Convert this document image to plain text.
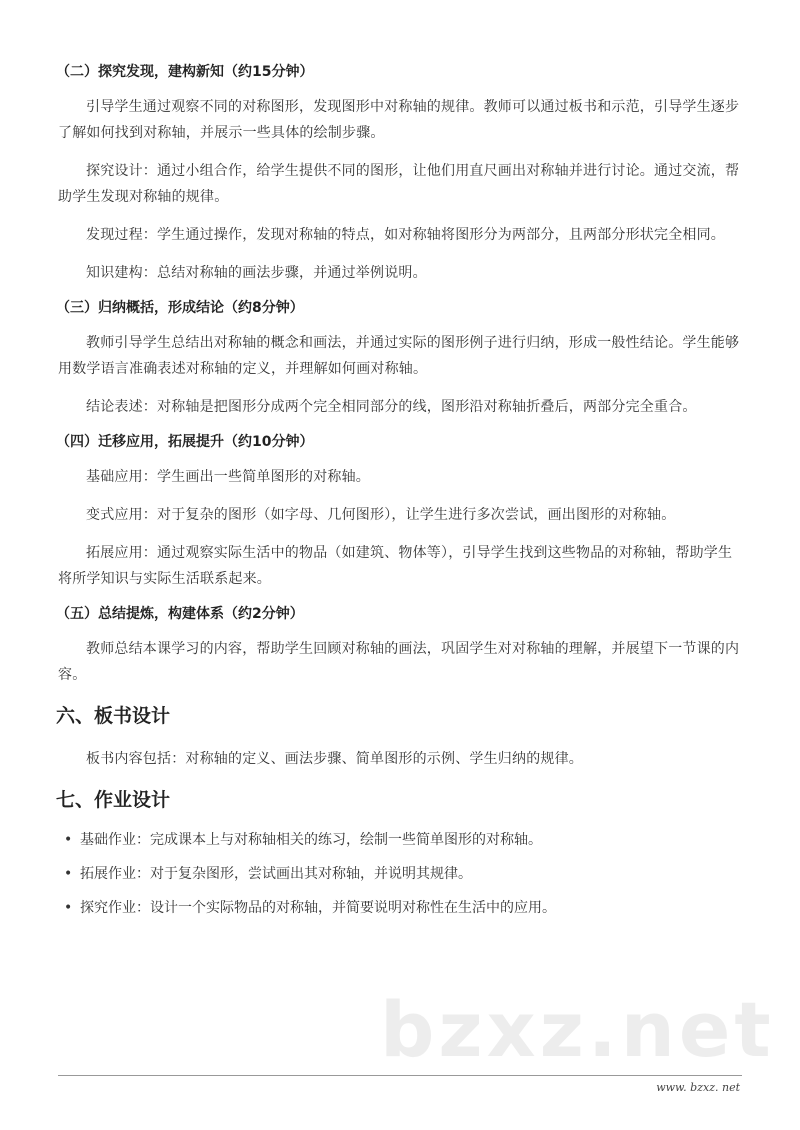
bzxz.net
（二）探究发现，建构新知（约15分钟）

引导学生通过观察不同的对称图形，发现图形中对称轴的规律。教师可以通过板书和示范，引导学生逐步了解如何找到对称轴，并展示一些具体的绘制步骤。

探究设计：通过小组合作，给学生提供不同的图形，让他们用直尺画出对称轴并进行讨论。通过交流，帮助学生发现对称轴的规律。

发现过程：学生通过操作，发现对称轴的特点，如对称轴将图形分为两部分，且两部分形状完全相同。

知识建构：总结对称轴的画法步骤，并通过举例说明。

（三）归纳概括，形成结论（约8分钟）

教师引导学生总结出对称轴的概念和画法，并通过实际的图形例子进行归纳，形成一般性结论。学生能够用数学语言准确表述对称轴的定义，并理解如何画对称轴。

结论表述：对称轴是把图形分成两个完全相同部分的线，图形沿对称轴折叠后，两部分完全重合。

（四）迁移应用，拓展提升（约10分钟）

基础应用：学生画出一些简单图形的对称轴。

变式应用：对于复杂的图形（如字母、几何图形），让学生进行多次尝试，画出图形的对称轴。

拓展应用：通过观察实际生活中的物品（如建筑、物体等），引导学生找到这些物品的对称轴，帮助学生将所学知识与实际生活联系起来。

（五）总结提炼，构建体系（约2分钟）

教师总结本课学习的内容，帮助学生回顾对称轴的画法，巩固学生对对称轴的理解，并展望下一节课的内容。

六、板书设计

板书内容包括：对称轴的定义、画法步骤、简单图形的示例、学生归纳的规律。

七、作业设计
• 基础作业：完成课本上与对称轴相关的练习，绘制一些简单图形的对称轴。
• 拓展作业：对于复杂图形，尝试画出其对称轴，并说明其规律。
• 探究作业：设计一个实际物品的对称轴，并简要说明对称性在生活中的应用。
www. bzxz. net
